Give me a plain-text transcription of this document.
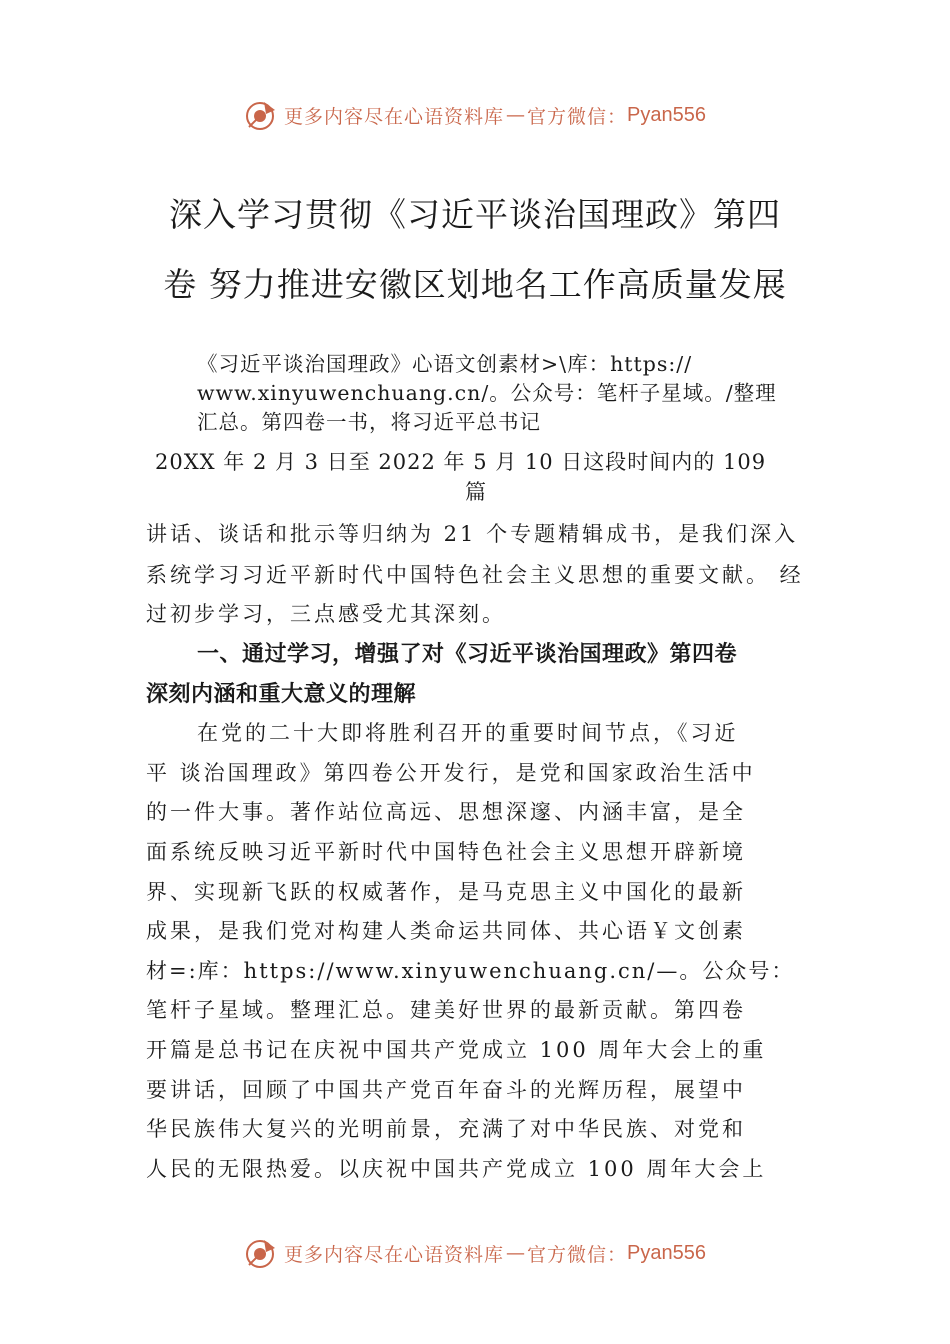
更多内容尽在心语资料库 — 官方微信： Pyan556
深入学习贯彻《习近平谈治国理政》第四
卷 努力推进安徽区划地名工作高质量发展
《习近平谈治国理政》心语文创素材>\库：https://
www.xinyuwenchuang.cn/。公众号：笔杆子星域。/整理
汇总。第四卷一书，将习近平总书记
20XX 年 2 月 3 日至 2022 年 5 月 10 日这段时间内的 109
篇
讲话、谈话和批示等归纳为 21 个专题精辑成书，是我们深入
系统学习习近平新时代中国特色社会主义思想的重要文献。 经
过初步学习，三点感受尤其深刻。
一、通过学习，增强了对《习近平谈治国理政》第四卷
深刻内涵和重大意义的理解
在党的二十大即将胜利召开的重要时间节点，《习近
平 谈治国理政》第四卷公开发行，是党和国家政治生活中
的一件大事。著作站位高远、思想深邃、内涵丰富，是全
面系统反映习近平新时代中国特色社会主义思想开辟新境
界、实现新飞跃的权威著作，是马克思主义中国化的最新
成果，是我们党对构建人类命运共同体、共心语￥文创素
材=:库：https://www.xinyuwenchuang.cn/—。公众号：
笔杆子星域。整理汇总。建美好世界的最新贡献。第四卷
开篇是总书记在庆祝中国共产党成立 100 周年大会上的重
要讲话，回顾了中国共产党百年奋斗的光辉历程，展望中
华民族伟大复兴的光明前景，充满了对中华民族、对党和
人民的无限热爱。以庆祝中国共产党成立 100 周年大会上
更多内容尽在心语资料库 — 官方微信： Pyan556
